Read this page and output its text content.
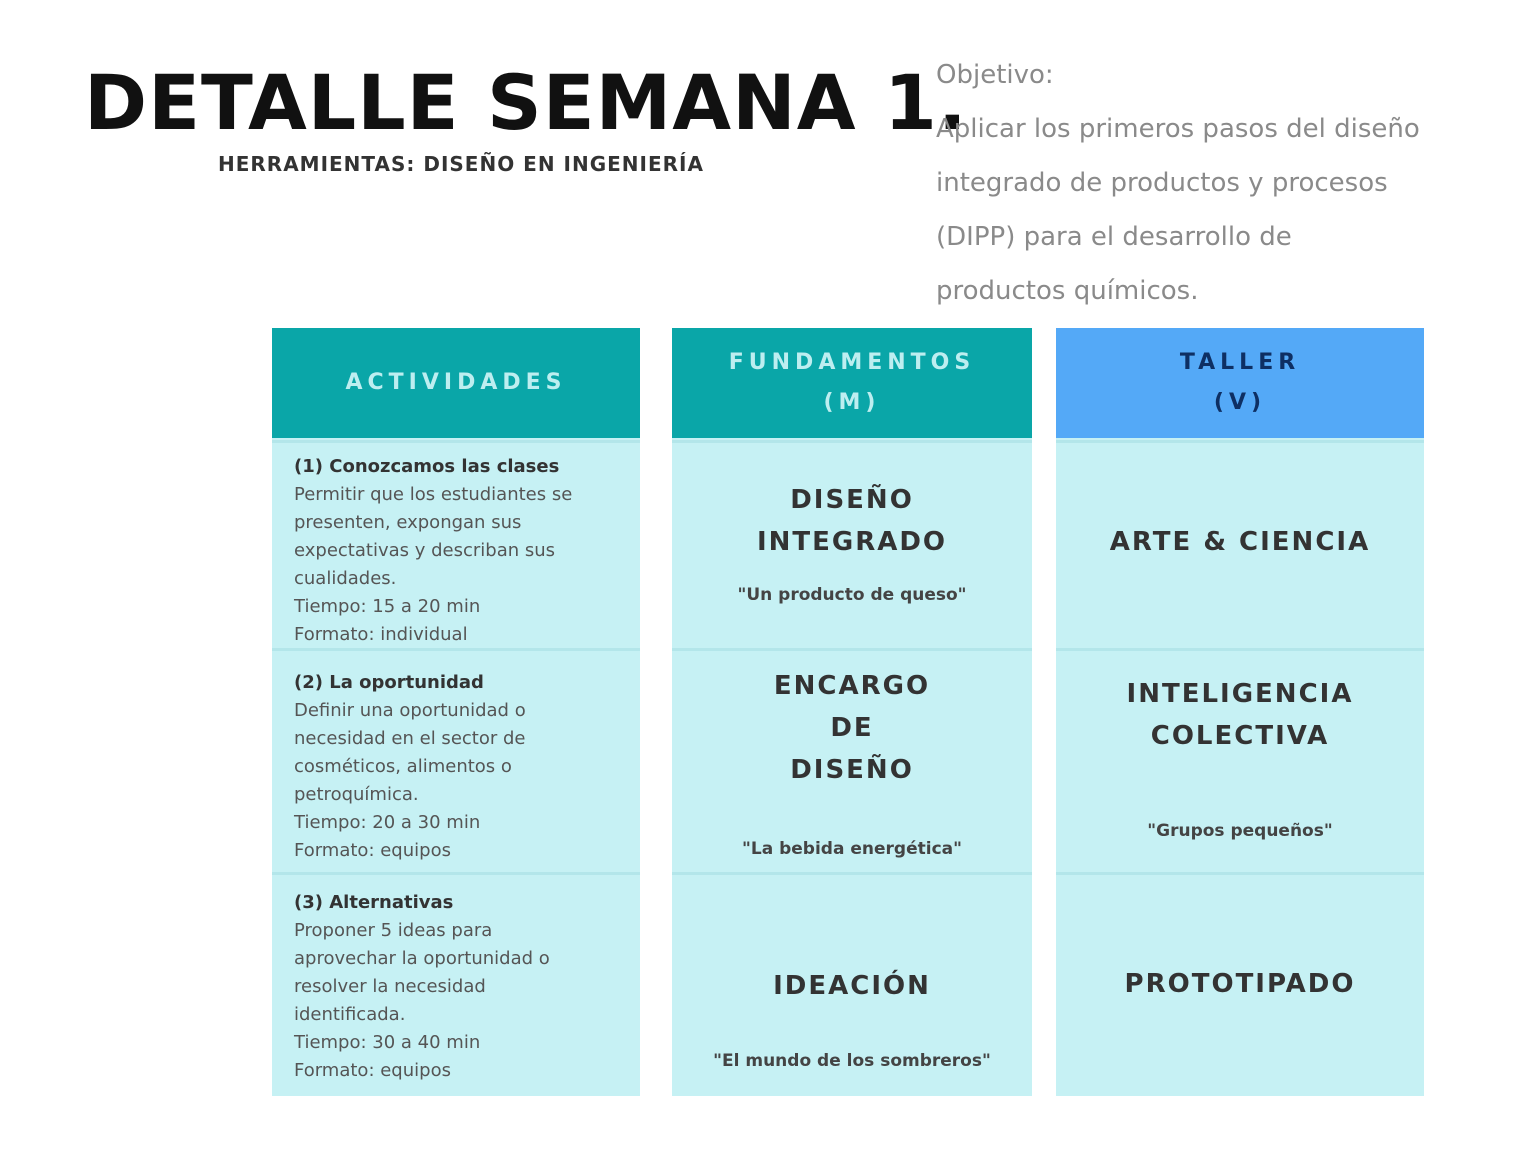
DETALLE SEMANA 1.
HERRAMIENTAS: DISEÑO EN INGENIERÍA
Objetivo:
Aplicar los primeros pasos del diseño integrado de productos y procesos (DIPP) para el desarrollo de productos químicos.
ACTIVIDADES
(1) Conozcamos las clases
Permitir que los estudiantes se
presenten, expongan sus
expectativas y describan sus
cualidades.
Tiempo: 15 a 20 min
Formato: individual
(2) La oportunidad
Definir una oportunidad o
necesidad en el sector de
cosméticos, alimentos o
petroquímica.
Tiempo: 20 a 30 min
Formato: equipos
(3) Alternativas
Proponer 5 ideas para
aprovechar la oportunidad o
resolver la necesidad
identificada.
Tiempo: 30 a 40 min
Formato: equipos
FUNDAMENTOS
(M)
DISEÑO
INTEGRADO
"Un producto de queso"
ENCARGO
DE
DISEÑO
"La bebida energética"
IDEACIÓN
"El mundo de los sombreros"
TALLER
(V)
ARTE & CIENCIA
INTELIGENCIA
COLECTIVA
"Grupos pequeños"
PROTOTIPADO
